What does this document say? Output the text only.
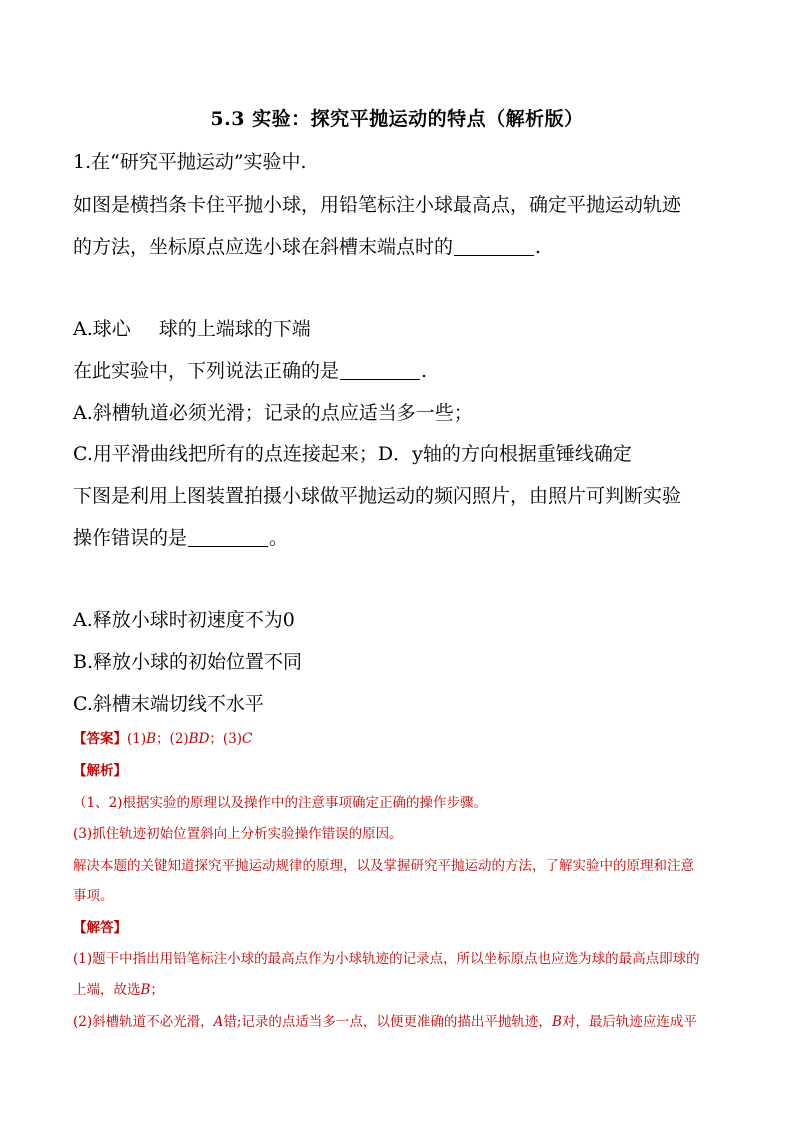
5.3 实验：探究平抛运动的特点（解析版）
1.在“研究平抛运动”实验中.
如图是横挡条卡住平抛小球，用铅笔标注小球最高点，确定平抛运动轨迹
的方法，坐标原点应选小球在斜槽末端点时的	.
A.球心 球的上端球的下端
在此实验中，下列说法正确的是	.
A.斜槽轨道必须光滑；记录的点应适当多一些；
C.用平滑曲线把所有的点连接起来；D．y轴的方向根据重锤线确定
下图是利用上图装置拍摄小球做平抛运动的频闪照片，由照片可判断实验
操作错误的是	。
A.释放小球时初速度不为0
B.释放小球的初始位置不同
C.斜槽末端切线不水平
【答案】(1)B；(2)BD；(3)C
【解析】
（1、2)根据实验的原理以及操作中的注意事项确定正确的操作步骤。
(3)抓住轨迹初始位置斜向上分析实验操作错误的原因。
解决本题的关键知道探究平抛运动规律的原理，以及掌握研究平抛运动的方法，了解实验中的原理和注意
事项。
【解答】
(1)题干中指出用铅笔标注小球的最高点作为小球轨迹的记录点，所以坐标原点也应选为球的最高点即球的
上端，故选B；
(2)斜槽轨道不必光滑，A错;记录的点适当多一点，以便更准确的描出平抛轨迹，B对，最后轨迹应连成平
